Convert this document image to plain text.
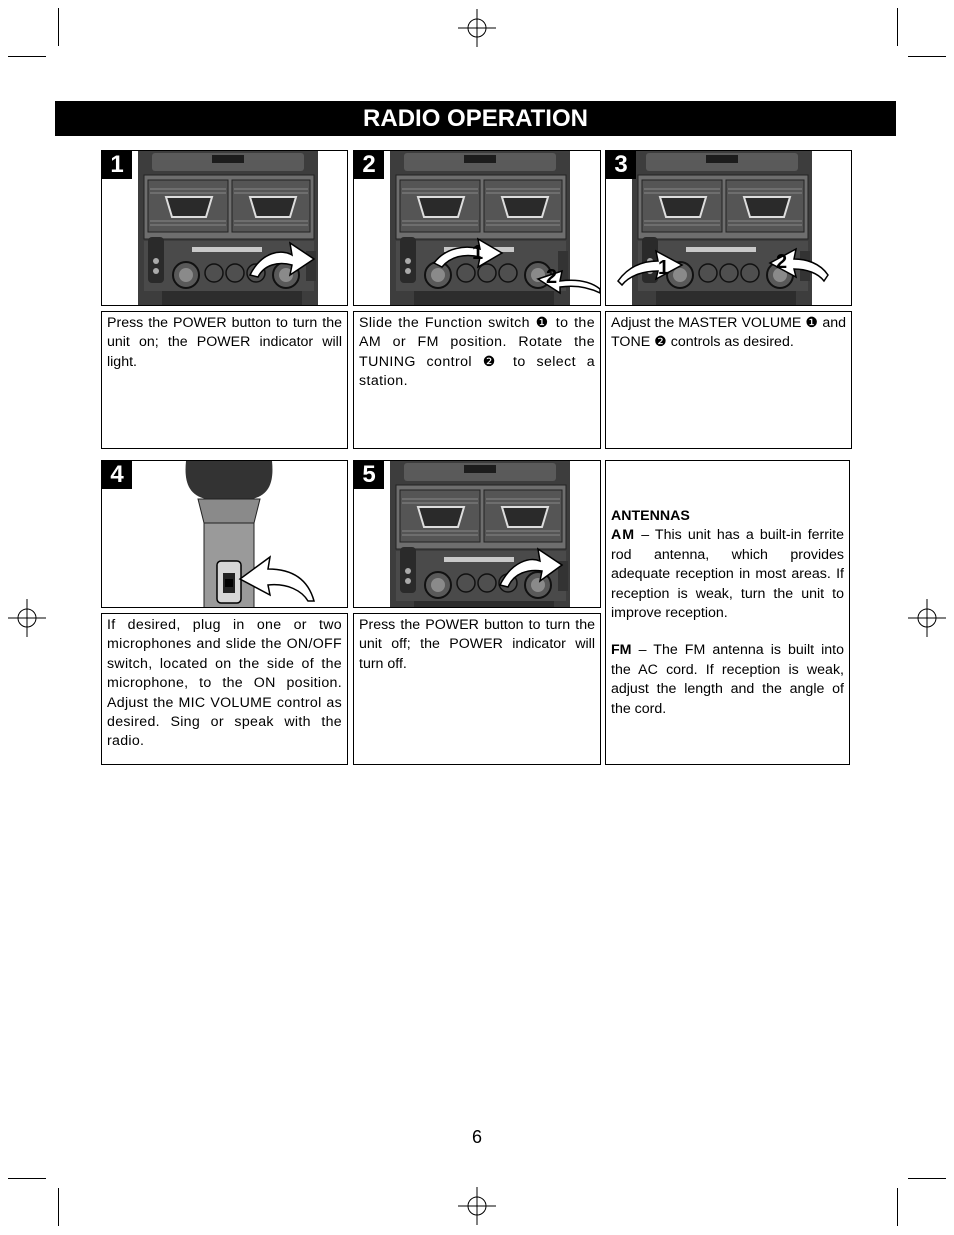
RADIO OPERATION
1	2
1
2
3
1	2
Press the POWER button to turn the unit on; the POWER indicator will light.
Slide the Function switch ❶ to the AM or FM position. Rotate the TUNING control ❷ to select a station.
Adjust the MASTER VOLUME ❶ and TONE ❷ controls as desired.
4	5
If desired, plug in one or two microphones and slide the ON/OFF switch, located on the side of the microphone, to the ON position. Adjust the MIC VOLUME control as desired. Sing or speak with the radio.
Press the POWER button to turn the unit off; the POWER indicator will turn off.
ANTENNAS

AM – This unit has a built-in ferrite rod antenna, which provides adequate reception in most areas. If reception is weak, turn the unit to improve reception.

FM – The FM antenna is built into the AC cord. If reception is weak, adjust the length and the angle of the cord.

6
